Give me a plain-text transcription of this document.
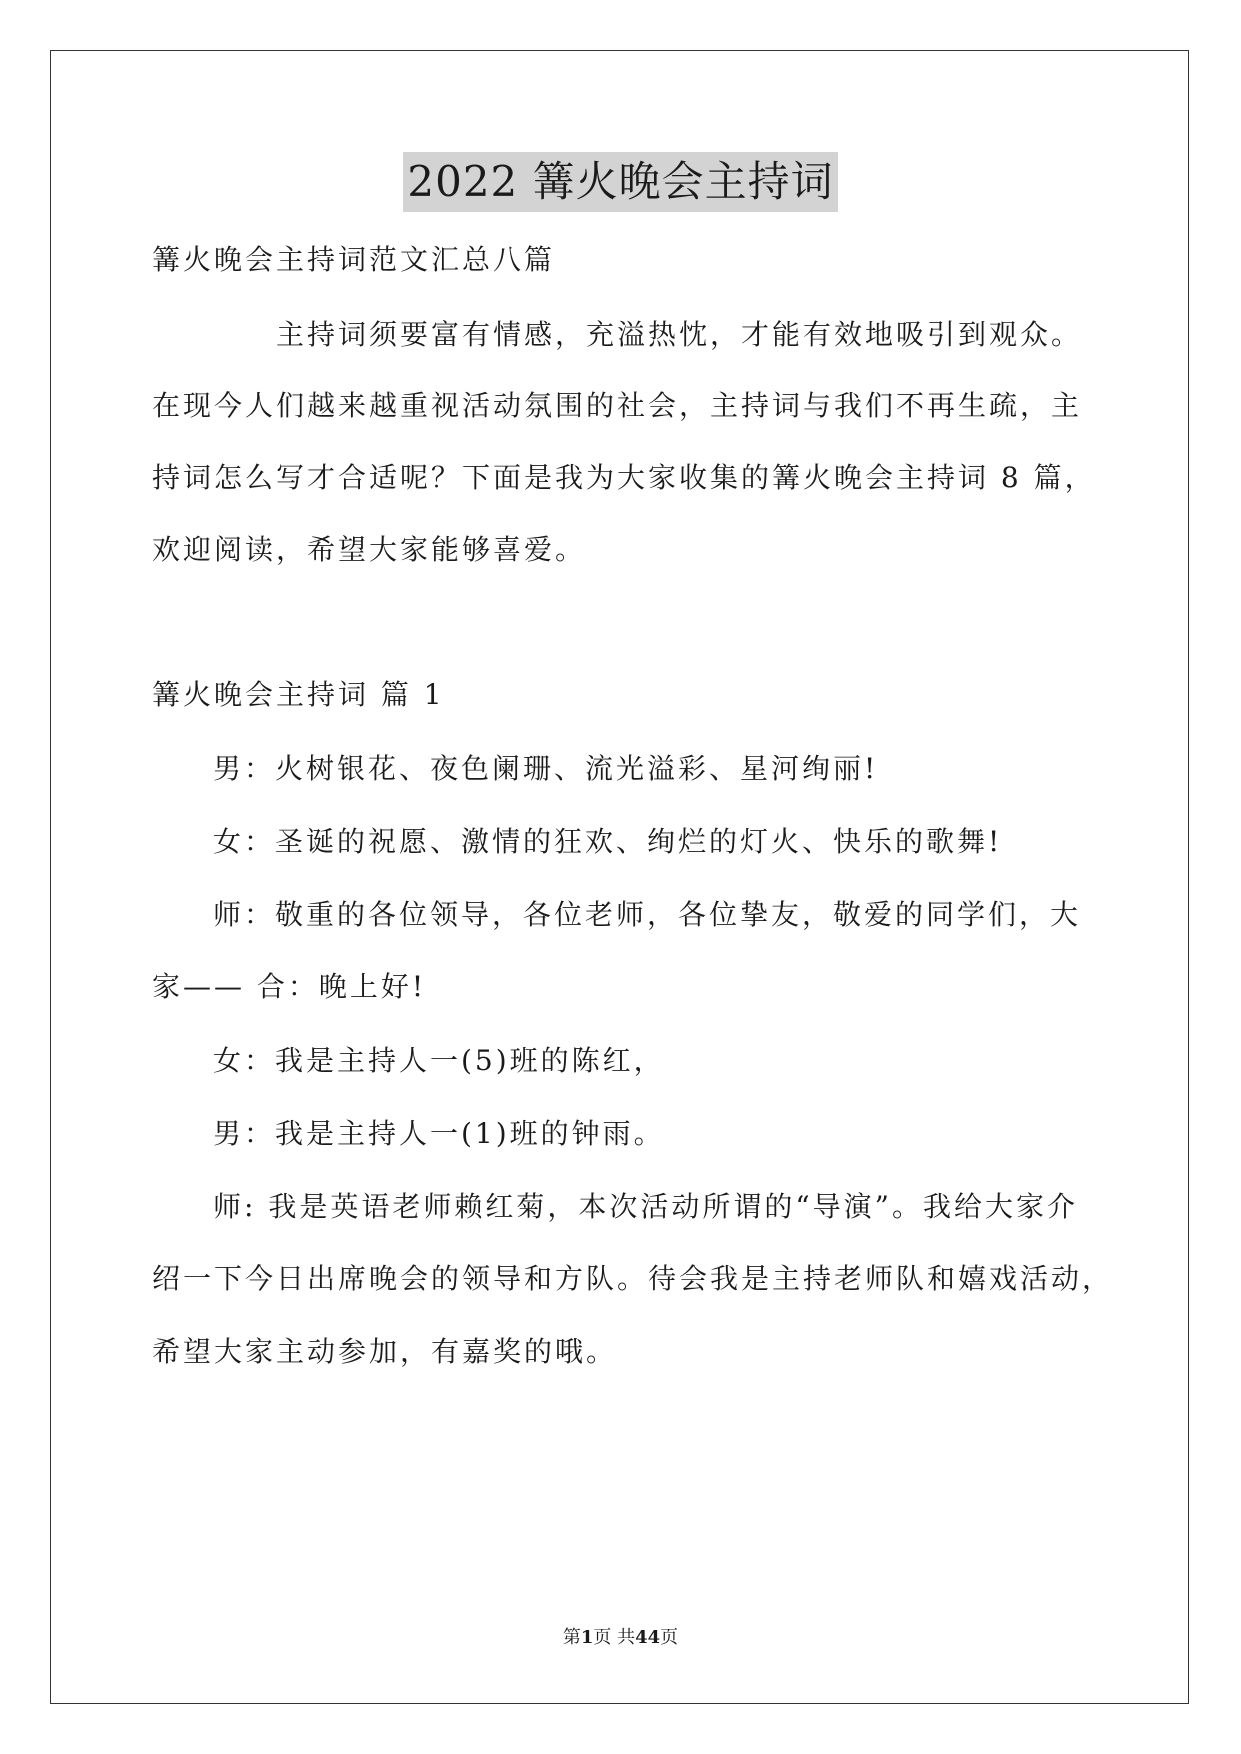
2022 篝火晚会主持词
篝火晚会主持词范文汇总八篇
主持词须要富有情感，充溢热忱，才能有效地吸引到观众。
在现今人们越来越重视活动氛围的社会，主持词与我们不再生疏，主
持词怎么写才合适呢？下面是我为大家收集的篝火晚会主持词 8 篇，
欢迎阅读，希望大家能够喜爱。
篝火晚会主持词 篇 1
男：火树银花、夜色阑珊、流光溢彩、星河绚丽!
女：圣诞的祝愿、激情的狂欢、绚烂的灯火、快乐的歌舞!
师：敬重的各位领导，各位老师，各位挚友，敬爱的同学们，大
家—— 合：晚上好!
女：我是主持人一(5)班的陈红，
男：我是主持人一(1)班的钟雨。
师: 我是英语老师赖红菊，本次活动所谓的“导演”。我给大家介
绍一下今日出席晚会的领导和方队。待会我是主持老师队和嬉戏活动，
希望大家主动参加，有嘉奖的哦。
第1页 共44页
